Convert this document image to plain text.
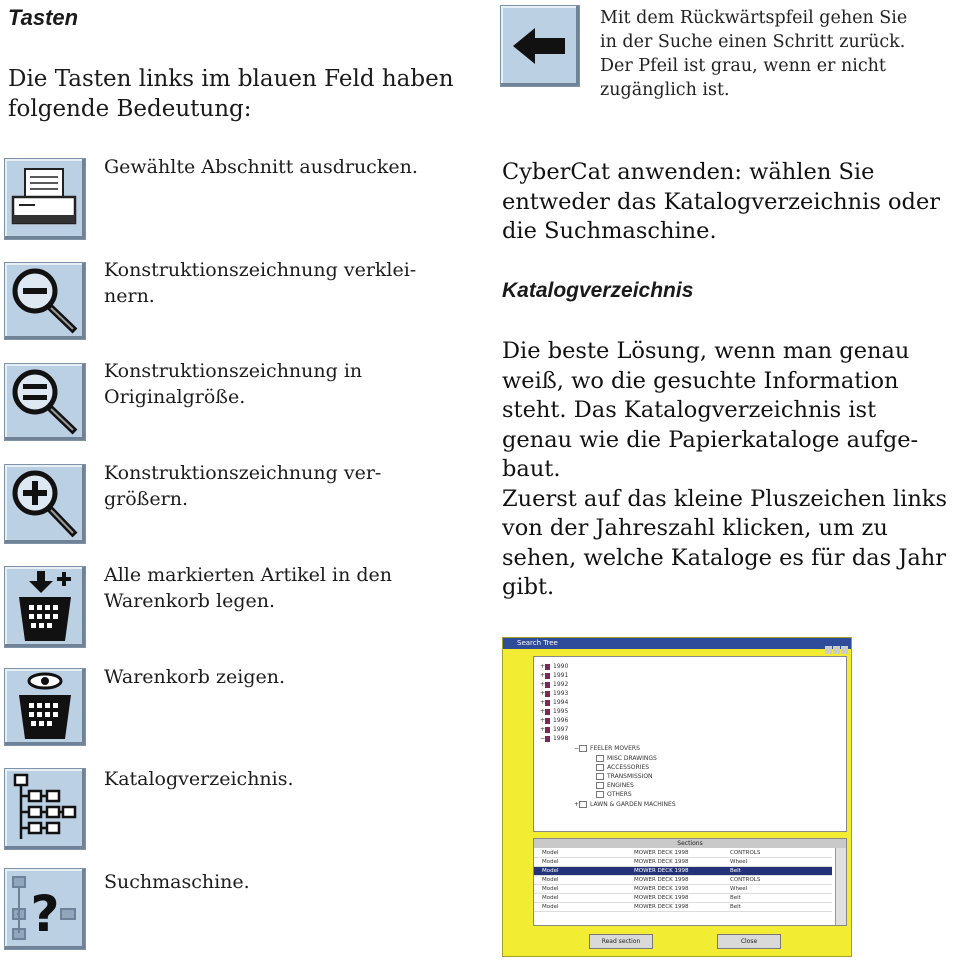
Tasten
Die Tasten links im blauen Feld haben
folgende Bedeutung:
Gewählte Abschnitt ausdrucken.
Konstruktionszeichnung verklei-
nern.
Konstruktionszeichnung in
Originalgröße.
Konstruktionszeichnung ver-
größern.
Alle markierten Artikel in den
Warenkorb legen.
Warenkorb zeigen.
Katalogverzeichnis.
?
Suchmaschine.
Mit dem Rückwärtspfeil gehen Sie
in der Suche einen Schritt zurück.
Der Pfeil ist grau, wenn er nicht
zugänglich ist.
CyberCat anwenden: wählen Sie
entweder das Katalogverzeichnis oder
die Suchmaschine.
Katalogverzeichnis
Die beste Lösung, wenn man genau
weiß, wo die gesuchte Information
steht. Das Katalogverzeichnis ist
genau wie die Papierkataloge aufge-
baut.
Zuerst auf das kleine Pluszeichen links
von der Jahreszahl klicken, um zu
sehen, welche Kataloge es für das Jahr
gibt.
Search Tree
+ 1990
+ 1991
+ 1992
+ 1993
+ 1994
+ 1995
+ 1996
+ 1997
− 1998
− FEELER MOVERS
MISC DRAWINGS
ACCESSORIES
TRANSMISSION
ENGINES
OTHERS
+ LAWN & GARDEN MACHINES
Sections
Model	MOWER DECK 1998	CONTROLS
Model	MOWER DECK 1998	Wheel
Model	MOWER DECK 1998	Belt
Model	MOWER DECK 1998	CONTROLS
Model	MOWER DECK 1998	Wheel
Model	MOWER DECK 1998	Belt
Model	MOWER DECK 1998	Belt
Read section	Close
